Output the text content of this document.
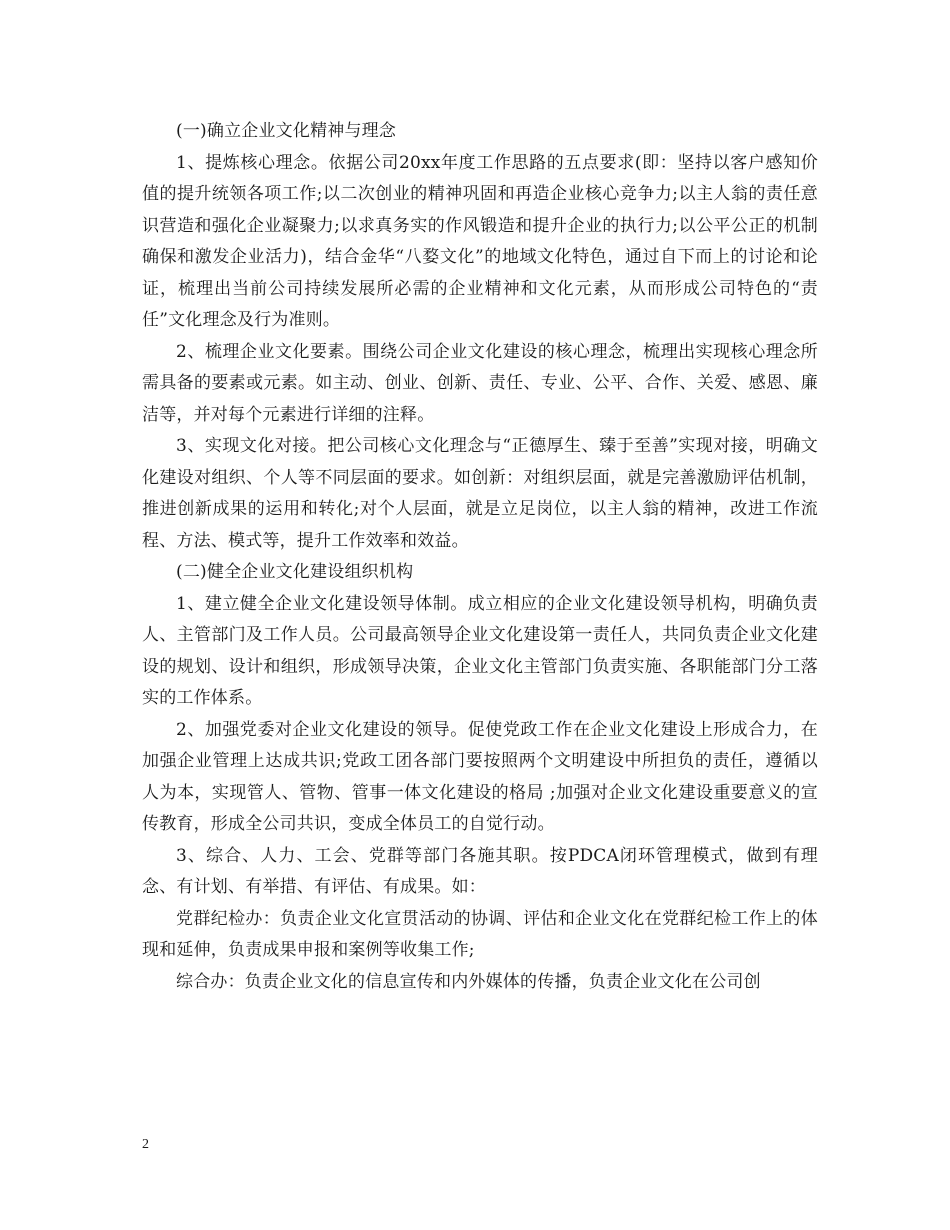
(一)确立企业文化精神与理念

1、提炼核心理念。依据公司20xx年度工作思路的五点要求(即：坚持以客户感知价值的提升统领各项工作;以二次创业的精神巩固和再造企业核心竞争力;以主人翁的责任意识营造和强化企业凝聚力;以求真务实的作风锻造和提升企业的执行力;以公平公正的机制确保和激发企业活力)，结合金华“八婺文化”的地域文化特色，通过自下而上的讨论和论证，梳理出当前公司持续发展所必需的企业精神和文化元素，从而形成公司特色的“责任”文化理念及行为准则。

2、梳理企业文化要素。围绕公司企业文化建设的核心理念，梳理出实现核心理念所需具备的要素或元素。如主动、创业、创新、责任、专业、公平、合作、关爱、感恩、廉洁等，并对每个元素进行详细的注释。

3、实现文化对接。把公司核心文化理念与“正德厚生、臻于至善”实现对接，明确文化建设对组织、个人等不同层面的要求。如创新：对组织层面，就是完善激励评估机制，推进创新成果的运用和转化;对个人层面，就是立足岗位，以主人翁的精神，改进工作流程、方法、模式等，提升工作效率和效益。

(二)健全企业文化建设组织机构

1、建立健全企业文化建设领导体制。成立相应的企业文化建设领导机构，明确负责人、主管部门及工作人员。公司最高领导企业文化建设第一责任人，共同负责企业文化建设的规划、设计和组织，形成领导决策，企业文化主管部门负责实施、各职能部门分工落实的工作体系。

2、加强党委对企业文化建设的领导。促使党政工作在企业文化建设上形成合力，在加强企业管理上达成共识;党政工团各部门要按照两个文明建设中所担负的责任，遵循以人为本，实现管人、管物、管事一体文化建设的格局 ;加强对企业文化建设重要意义的宣传教育，形成全公司共识，变成全体员工的自觉行动。

3、综合、人力、工会、党群等部门各施其职。按PDCA闭环管理模式，做到有理念、有计划、有举措、有评估、有成果。如：

党群纪检办：负责企业文化宣贯活动的协调、评估和企业文化在党群纪检工作上的体现和延伸，负责成果申报和案例等收集工作;

综合办：负责企业文化的信息宣传和内外媒体的传播，负责企业文化在公司创

2
